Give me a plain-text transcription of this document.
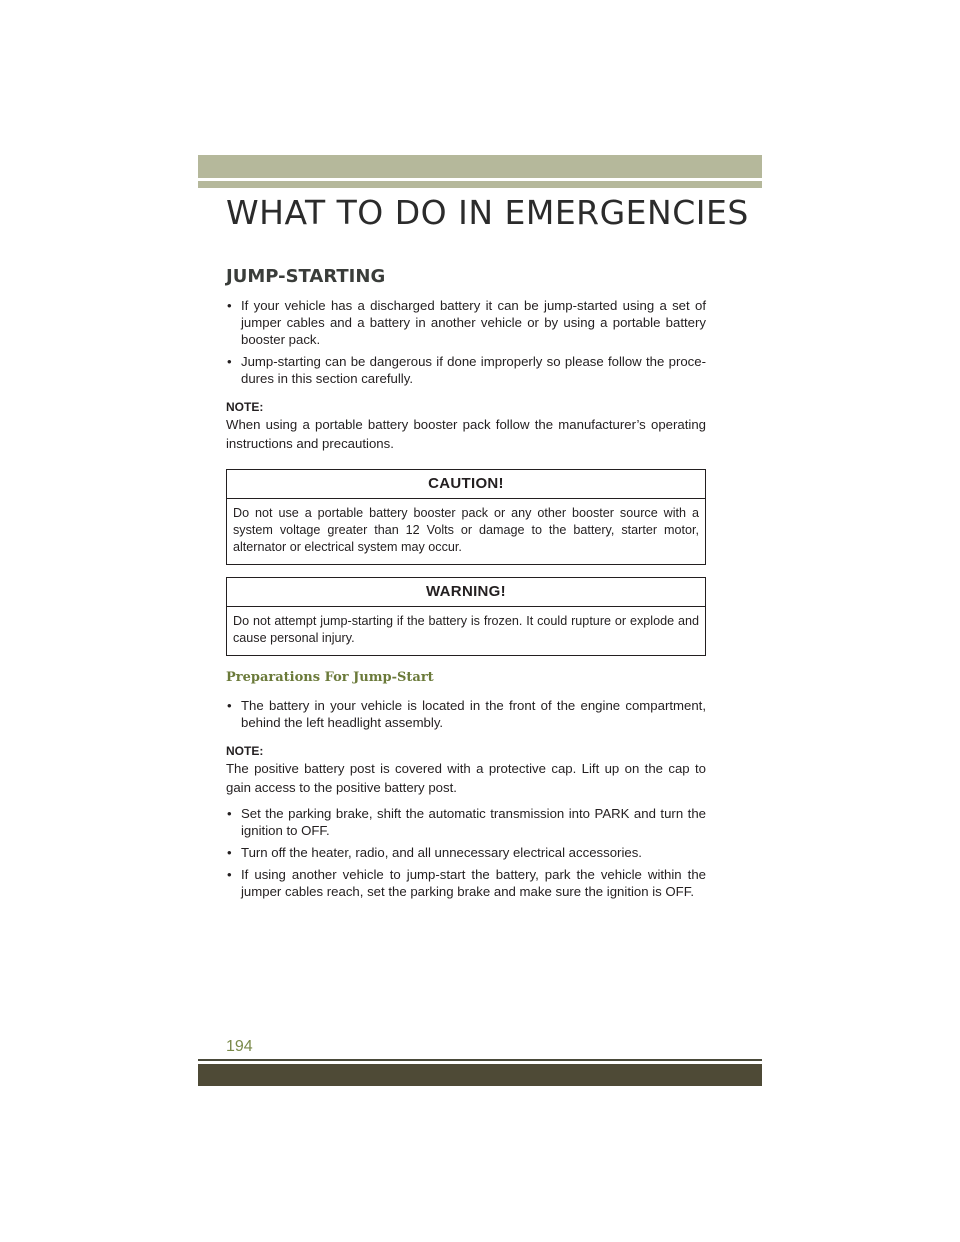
WHAT TO DO IN EMERGENCIES
JUMP-STARTING
• If your vehicle has a discharged battery it can be jump-started using a set of jumper cables and a battery in another vehicle or by using a portable battery booster pack.
• Jump-starting can be dangerous if done improperly so please follow the proce-dures in this section carefully.

NOTE:

When using a portable battery booster pack follow the manufacturer’s operating instructions and precautions.

CAUTION!
Do not use a portable battery booster pack or any other booster source with a system voltage greater than 12 Volts or damage to the battery, starter motor, alternator or electrical system may occur.
WARNING!
Do not attempt jump-starting if the battery is frozen. It could rupture or explode and cause personal injury.
Preparations For Jump-Start
• The battery in your vehicle is located in the front of the engine compartment, behind the left headlight assembly.

NOTE:

The positive battery post is covered with a protective cap. Lift up on the cap to gain access to the positive battery post.

• Set the parking brake, shift the automatic transmission into PARK and turn the ignition to OFF.
• Turn off the heater, radio, and all unnecessary electrical accessories.
• If using another vehicle to jump-start the battery, park the vehicle within the jumper cables reach, set the parking brake and make sure the ignition is OFF.
194
